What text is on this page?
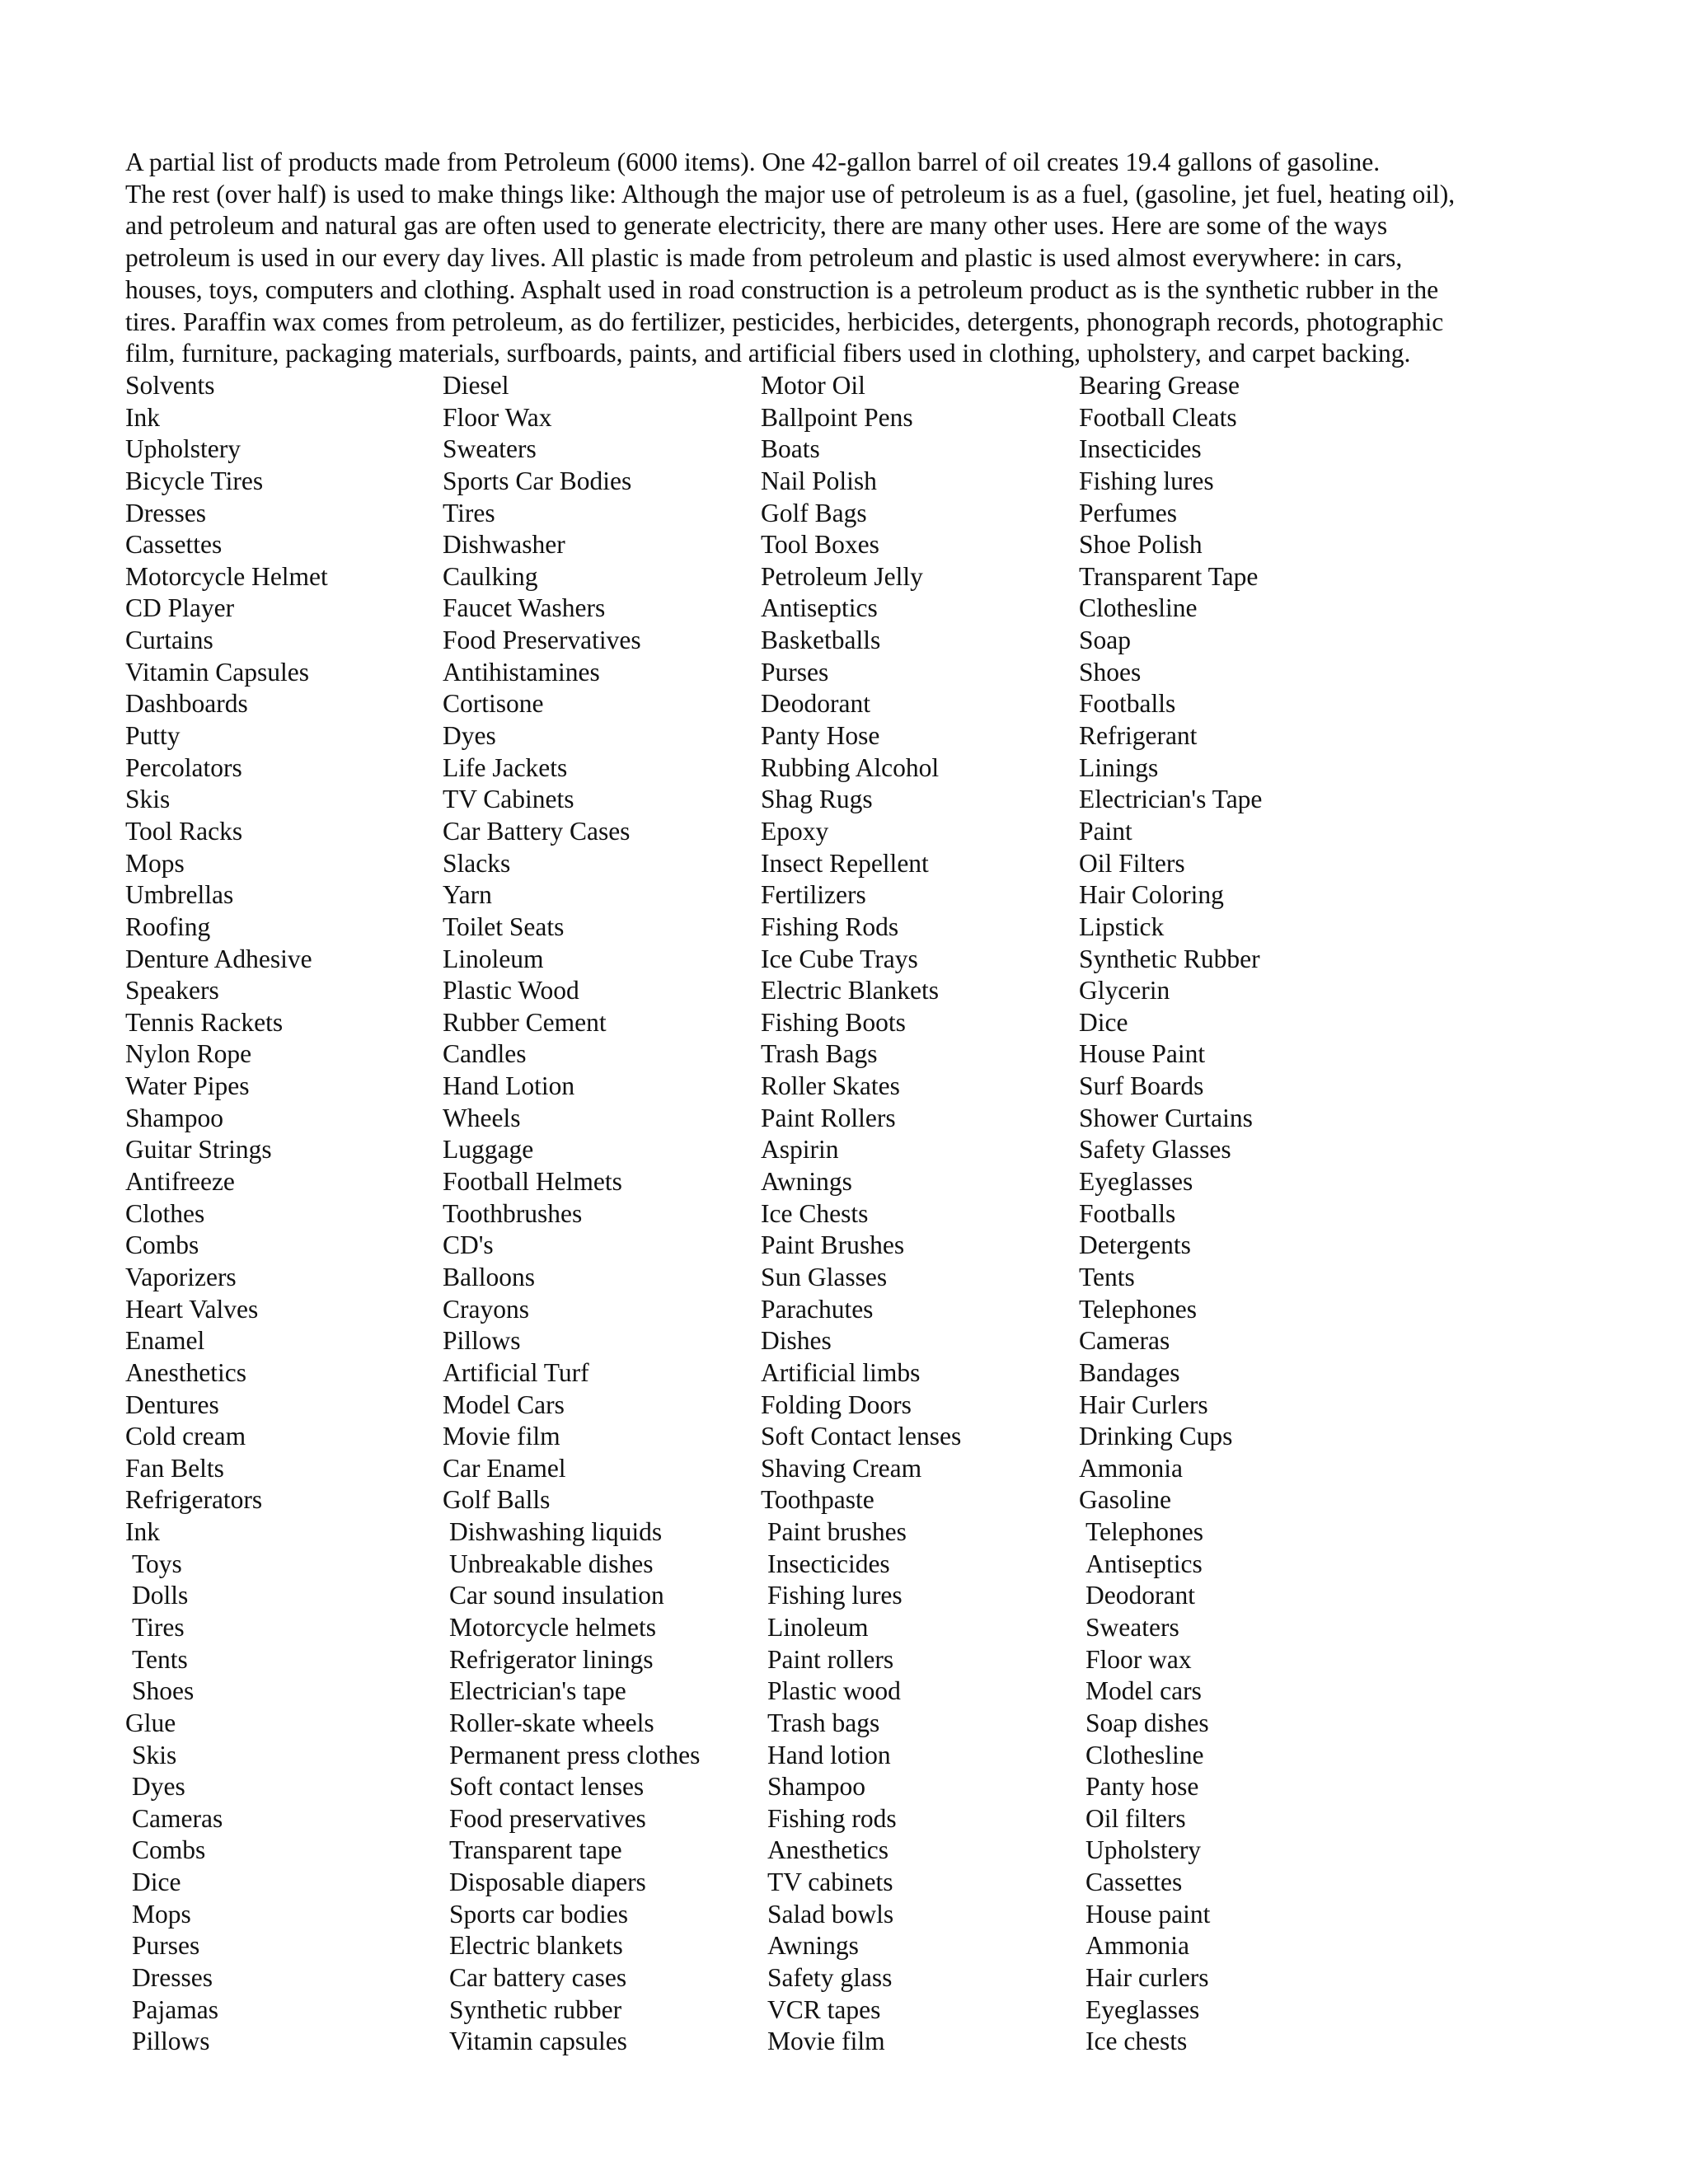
A partial list of products made from Petroleum (6000 items). One 42-gallon barrel of oil creates 19.4 gallons of gasoline.
The rest (over half) is used to make things like: Although the major use of petroleum is as a fuel, (gasoline, jet fuel, heating oil),
and petroleum and natural gas are often used to generate electricity, there are many other uses. Here are some of the ways
petroleum is used in our every day lives. All plastic is made from petroleum and plastic is used almost everywhere: in cars,
houses, toys, computers and clothing. Asphalt used in road construction is a petroleum product as is the synthetic rubber in the
tires. Paraffin wax comes from petroleum, as do fertilizer, pesticides, herbicides, detergents, phonograph records, photographic
film, furniture, packaging materials, surfboards, paints, and artificial fibers used in clothing, upholstery, and carpet backing.

Solvents
Ink
Upholstery
Bicycle Tires
Dresses
Cassettes
Motorcycle Helmet
CD Player
Curtains
Vitamin Capsules
Dashboards
Putty
Percolators
Skis
Tool Racks
Mops
Umbrellas
Roofing
Denture Adhesive
Speakers
Tennis Rackets
Nylon Rope
Water Pipes
Shampoo
Guitar Strings
Antifreeze
Clothes
Combs
Vaporizers
Heart Valves
Enamel
Anesthetics
Dentures
Cold cream
Fan Belts
Refrigerators
Ink
Toys
Dolls
Tires
Tents
Shoes
Glue
Skis
Dyes
Cameras
Combs
Dice
Mops
Purses
Dresses
Pajamas
Pillows
Diesel
Floor Wax
Sweaters
Sports Car Bodies
Tires
Dishwasher
Caulking
Faucet Washers
Food Preservatives
Antihistamines
Cortisone
Dyes
Life Jackets
TV Cabinets
Car Battery Cases
Slacks
Yarn
Toilet Seats
Linoleum
Plastic Wood
Rubber Cement
Candles
Hand Lotion
Wheels
Luggage
Football Helmets
Toothbrushes
CD's
Balloons
Crayons
Pillows
Artificial Turf
Model Cars
Movie film
Car Enamel
Golf Balls
Dishwashing liquids
Unbreakable dishes
Car sound insulation
Motorcycle helmets
Refrigerator linings
Electrician's tape
Roller-skate wheels
Permanent press clothes
Soft contact lenses
Food preservatives
Transparent tape
Disposable diapers
Sports car bodies
Electric blankets
Car battery cases
Synthetic rubber
Vitamin capsules
Motor Oil
Ballpoint Pens
Boats
Nail Polish
Golf Bags
Tool Boxes
Petroleum Jelly
Antiseptics
Basketballs
Purses
Deodorant
Panty Hose
Rubbing Alcohol
Shag Rugs
Epoxy
Insect Repellent
Fertilizers
Fishing Rods
Ice Cube Trays
Electric Blankets
Fishing Boots
Trash Bags
Roller Skates
Paint Rollers
Aspirin
Awnings
Ice Chests
Paint Brushes
Sun Glasses
Parachutes
Dishes
Artificial limbs
Folding Doors
Soft Contact lenses
Shaving Cream
Toothpaste
Paint brushes
Insecticides
Fishing lures
Linoleum
Paint rollers
Plastic wood
Trash bags
Hand lotion
Shampoo
Fishing rods
Anesthetics
TV cabinets
Salad bowls
Awnings
Safety glass
VCR tapes
Movie film
Bearing Grease
Football Cleats
Insecticides
Fishing lures
Perfumes
Shoe Polish
Transparent Tape
Clothesline
Soap
Shoes
Footballs
Refrigerant
Linings
Electrician's Tape
Paint
Oil Filters
Hair Coloring
Lipstick
Synthetic Rubber
Glycerin
Dice
House Paint
Surf Boards
Shower Curtains
Safety Glasses
Eyeglasses
Footballs
Detergents
Tents
Telephones
Cameras
Bandages
Hair Curlers
Drinking Cups
Ammonia
Gasoline
Telephones
Antiseptics
Deodorant
Sweaters
Floor wax
Model cars
Soap dishes
Clothesline
Panty hose
Oil filters
Upholstery
Cassettes
House paint
Ammonia
Hair curlers
Eyeglasses
Ice chests
